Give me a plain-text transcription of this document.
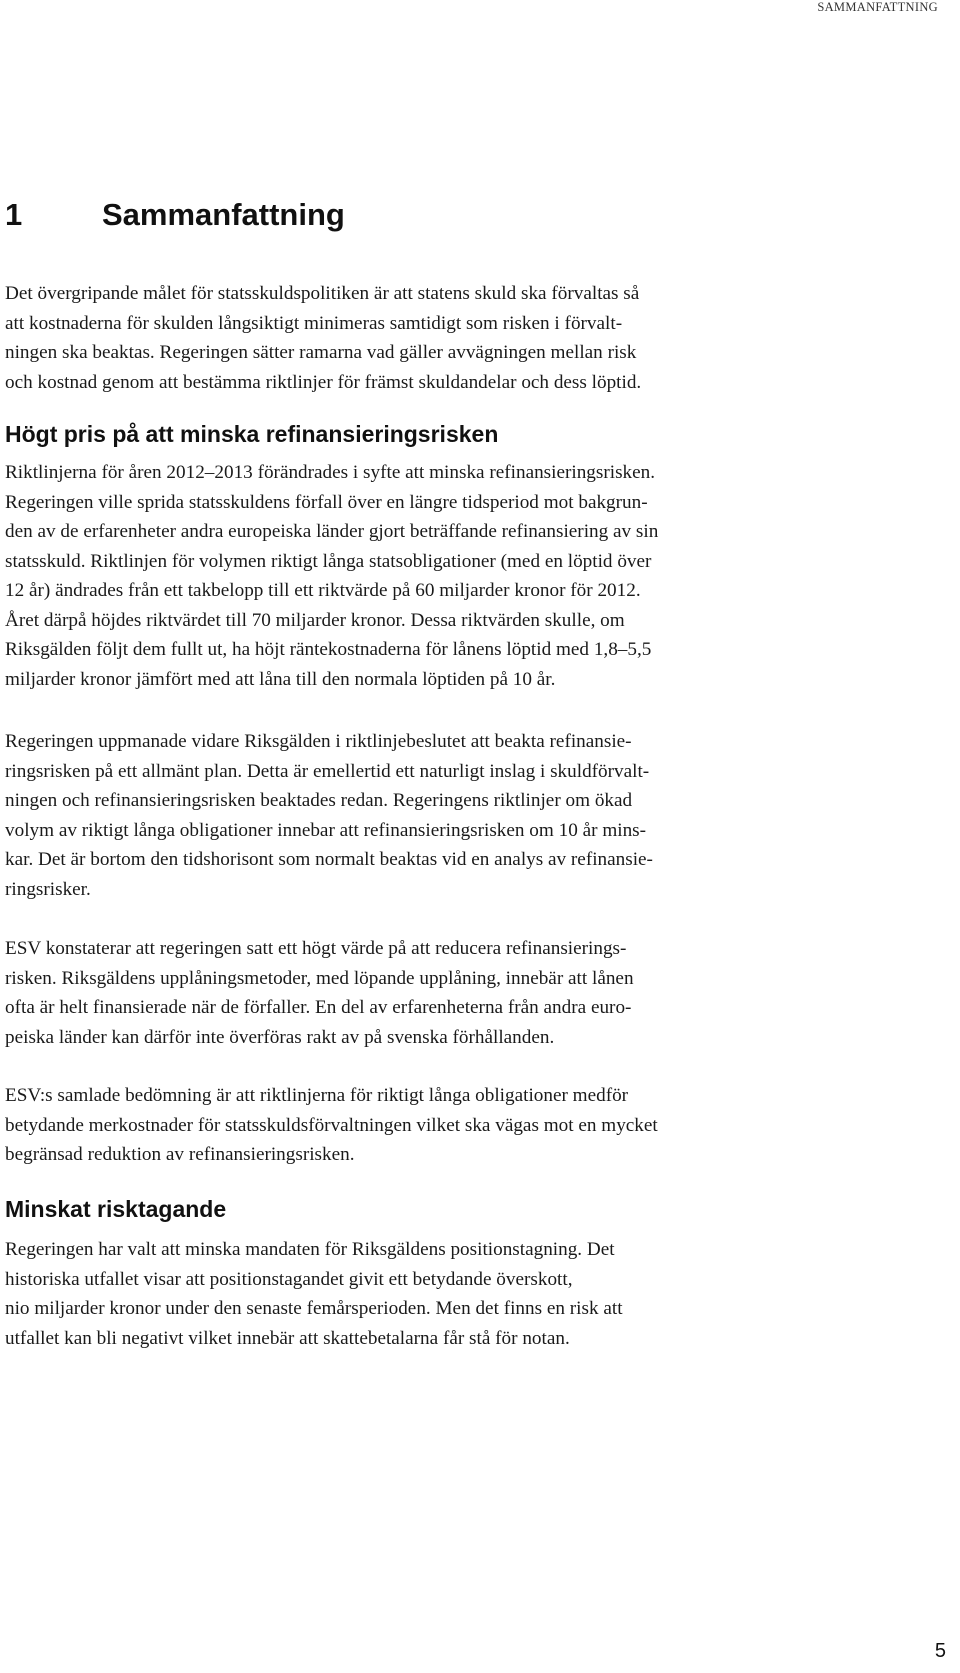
SAMMANFATTNING
1	Sammanfattning

Det övergripande målet för statsskuldspolitiken är att statens skuld ska förvaltas så
att kostnaderna för skulden långsiktigt minimeras samtidigt som risken i förvalt-
ningen ska beaktas. Regeringen sätter ramarna vad gäller avvägningen mellan risk
och kostnad genom att bestämma riktlinjer för främst skuldandelar och dess löptid.

Högt pris på att minska refinansieringsrisken

Riktlinjerna för åren 2012–2013 förändrades i syfte att minska refinansieringsrisken.
Regeringen ville sprida statsskuldens förfall över en längre tidsperiod mot bakgrun-
den av de erfarenheter andra europeiska länder gjort beträffande refinansiering av sin
statsskuld. Riktlinjen för volymen riktigt långa statsobligationer (med en löptid över
12 år) ändrades från ett takbelopp till ett riktvärde på 60 miljarder kronor för 2012.
Året därpå höjdes riktvärdet till 70 miljarder kronor. Dessa riktvärden skulle, om
Riksgälden följt dem fullt ut, ha höjt räntekostnaderna för lånens löptid med 1,8–5,5
miljarder kronor jämfört med att låna till den normala löptiden på 10 år.

Regeringen uppmanade vidare Riksgälden i riktlinjebeslutet att beakta refinansie-
ringsrisken på ett allmänt plan. Detta är emellertid ett naturligt inslag i skuldförvalt-
ningen och refinansieringsrisken beaktades redan. Regeringens riktlinjer om ökad
volym av riktigt långa obligationer innebar att refinansieringsrisken om 10 år mins-
kar. Det är bortom den tidshorisont som normalt beaktas vid en analys av refinansie-
ringsrisker.

ESV konstaterar att regeringen satt ett högt värde på att reducera refinansierings-
risken. Riksgäldens upplåningsmetoder, med löpande upplåning, innebär att lånen
ofta är helt finansierade när de förfaller. En del av erfarenheterna från andra euro-
peiska länder kan därför inte överföras rakt av på svenska förhållanden.

ESV:s samlade bedömning är att riktlinjerna för riktigt långa obligationer medför
betydande merkostnader för statsskuldsförvaltningen vilket ska vägas mot en mycket
begränsad reduktion av refinansieringsrisken.

Minskat risktagande

Regeringen har valt att minska mandaten för Riksgäldens positionstagning. Det
historiska utfallet visar att positionstagandet givit ett betydande överskott,
nio miljarder kronor under den senaste femårsperioden. Men det finns en risk att
utfallet kan bli negativt vilket innebär att skattebetalarna får stå för notan.

5
